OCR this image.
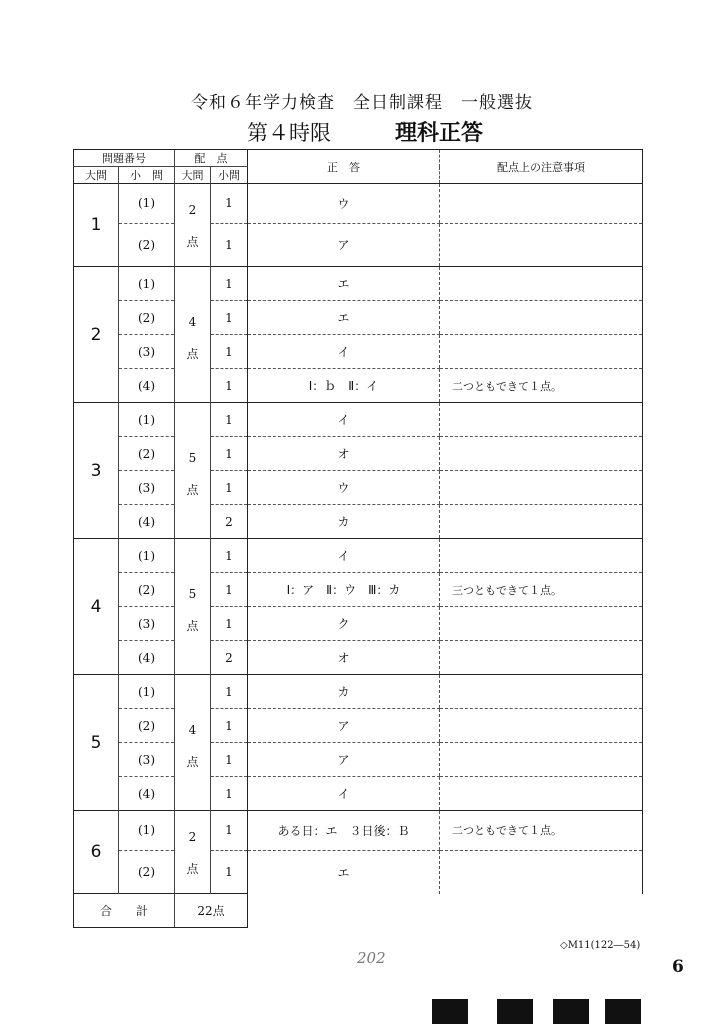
令和６年学力検査　全日制課程　一般選抜
第４時限	理科正答
問題番号		配　点		正　答	配点上の注意事項
大問	小　問	大問	小問		
1	(1)	2	1	ウ	
	(2)	点	1	ア	
2	(1)	4	1	エ	
	(2)		1	エ	
	(3)	点	1	イ	
	(4)		1	Ⅰ：ｂ　Ⅱ：イ	二つともできて１点。
3	(1)	5	1	イ	
	(2)		1	オ	
	(3)	点	1	ウ	
	(4)		2	カ	
4	(1)	5	1	イ	
	(2)		1	Ⅰ：ア　Ⅱ：ウ　Ⅲ：カ	三つともできて１点。
	(3)	点	1	ク	
	(4)		2	オ	
5	(1)	4	1	カ	
	(2)		1	ア	
	(3)	点	1	ア	
	(4)		1	イ	
6	(1)	2	1	ある日：エ　３日後：Ｂ	二つともできて１点。
	(2)	点	1	エ	
合　　計		22点			
◇M11(122―54)
202	6
